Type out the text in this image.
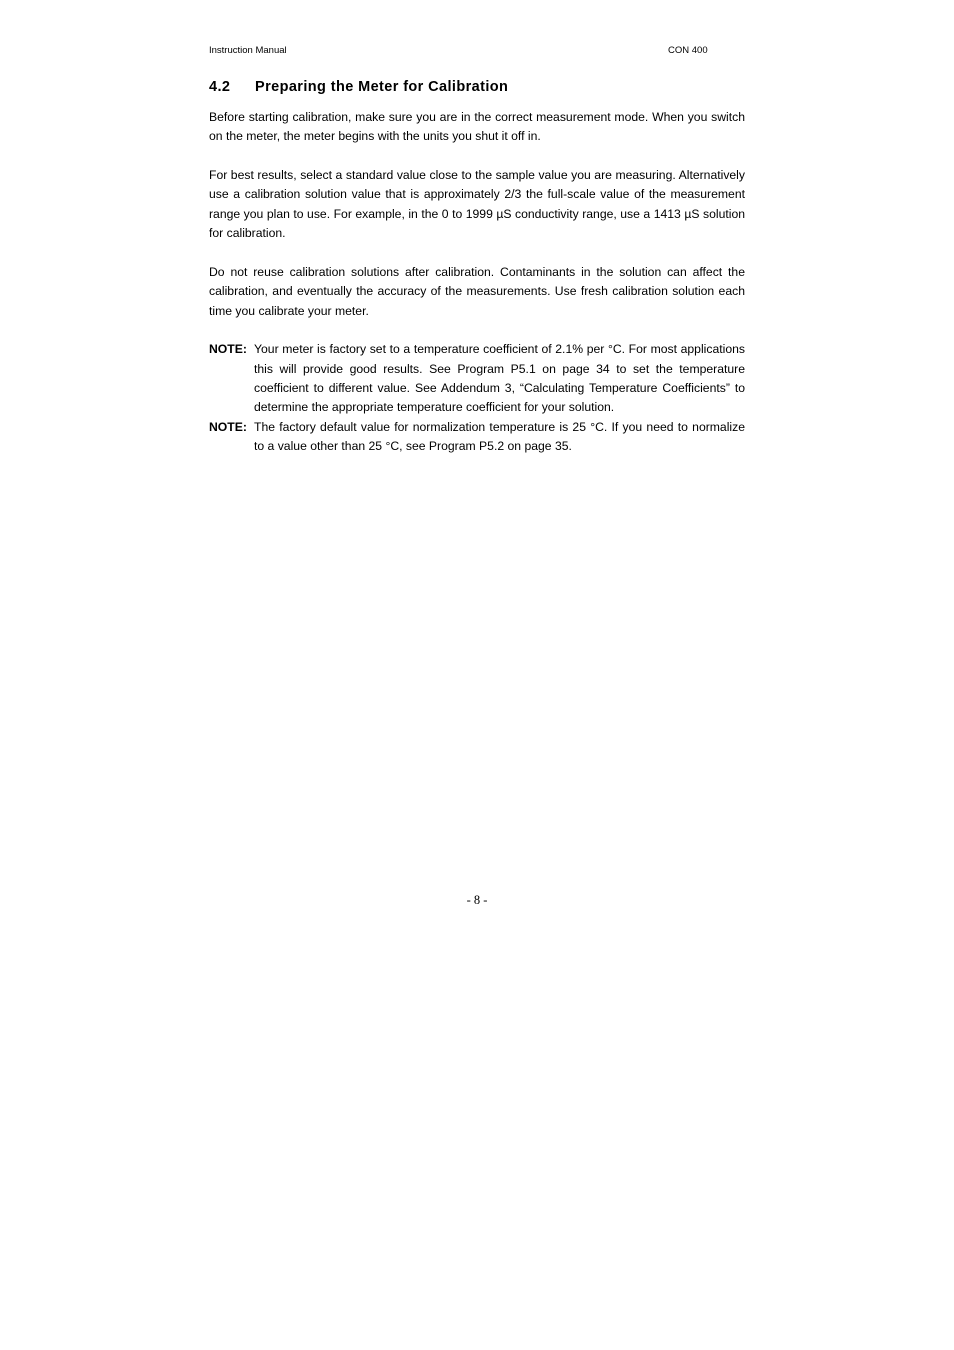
Instruction Manual	CON 400
4.2 Preparing the Meter for Calibration

Before starting calibration, make sure you are in the correct measurement mode. When you switch on the meter, the meter begins with the units you shut it off in.

For best results, select a standard value close to the sample value you are measuring. Alternatively use a calibration solution value that is approximately 2/3 the full-scale value of the measurement range you plan to use. For example, in the 0 to 1999 µS conductivity range, use a 1413 µS solution for calibration.

Do not reuse calibration solutions after calibration. Contaminants in the solution can affect the calibration, and eventually the accuracy of the measurements. Use fresh calibration solution each time you calibrate your meter.

NOTE: Your meter is factory set to a temperature coefficient of 2.1% per °C. For most applications this will provide good results. See Program P5.1 on page 34 to set the temperature coefficient to different value. See Addendum 3, “Calculating Temperature Coefficients” to determine the appropriate temperature coefficient for your solution.
NOTE: The factory default value for normalization temperature is 25 °C. If you need to normalize to a value other than 25 °C, see Program P5.2 on page 35.
- 8 -
